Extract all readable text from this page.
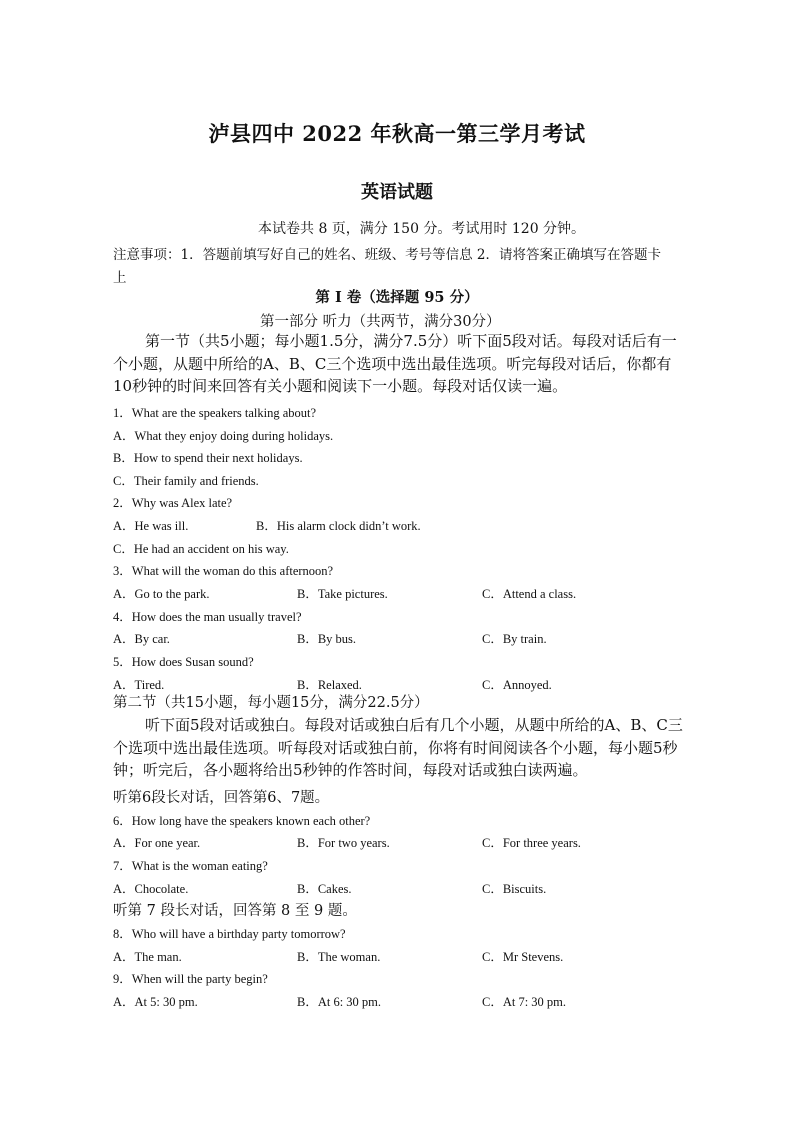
泸县四中 2022 年秋高一第三学月考试
英语试题
本试卷共 8 页，满分 150 分。考试用时 120 分钟。
注意事项：1．答题前填写好自己的姓名、班级、考号等信息 2．请将答案正确填写在答题卡
上
第 I 卷（选择题 95 分）
第一部分 听力（共两节，满分30分）
第一节（共5小题；每小题1.5分，满分7.5分）听下面5段对话。每段对话后有一个小题，从题中所给的A、B、C三个选项中选出最佳选项。听完每段对话后，你都有10秒钟的时间来回答有关小题和阅读下一小题。每段对话仅读一遍。
1．What are the speakers talking about?
A．What they enjoy doing during holidays.
B．How to spend their next holidays.
C．Their family and friends.
2．Why was Alex late?
A．He was ill.	B．His alarm clock didn’t work.
C．He had an accident on his way.
3．What will the woman do this afternoon?
A．Go to the park.	B．Take pictures.	C．Attend a class.
4．How does the man usually travel?
A．By car.	B．By bus.	C．By train.
5．How does Susan sound?
A．Tired.	B．Relaxed.	C．Annoyed.
第二节（共15小题，每小题15分，满分22.5分）
听下面5段对话或独白。每段对话或独白后有几个小题，从题中所给的A、B、C三个选项中选出最佳选项。听每段对话或独白前，你将有时间阅读各个小题，每小题5秒钟；听完后，各小题将给出5秒钟的作答时间，每段对话或独白读两遍。
听第6段长对话，回答第6、7题。
6．How long have the speakers known each other?
A．For one year.	B．For two years.	C．For three years.
7．What is the woman eating?
A．Chocolate.	B．Cakes.	C．Biscuits.
听第 7 段长对话，回答第 8 至 9 题。
8．Who will have a birthday party tomorrow?
A．The man.	B．The woman.	C．Mr Stevens.
9．When will the party begin?
A．At 5: 30 pm.	B．At 6: 30 pm.	C．At 7: 30 pm.
